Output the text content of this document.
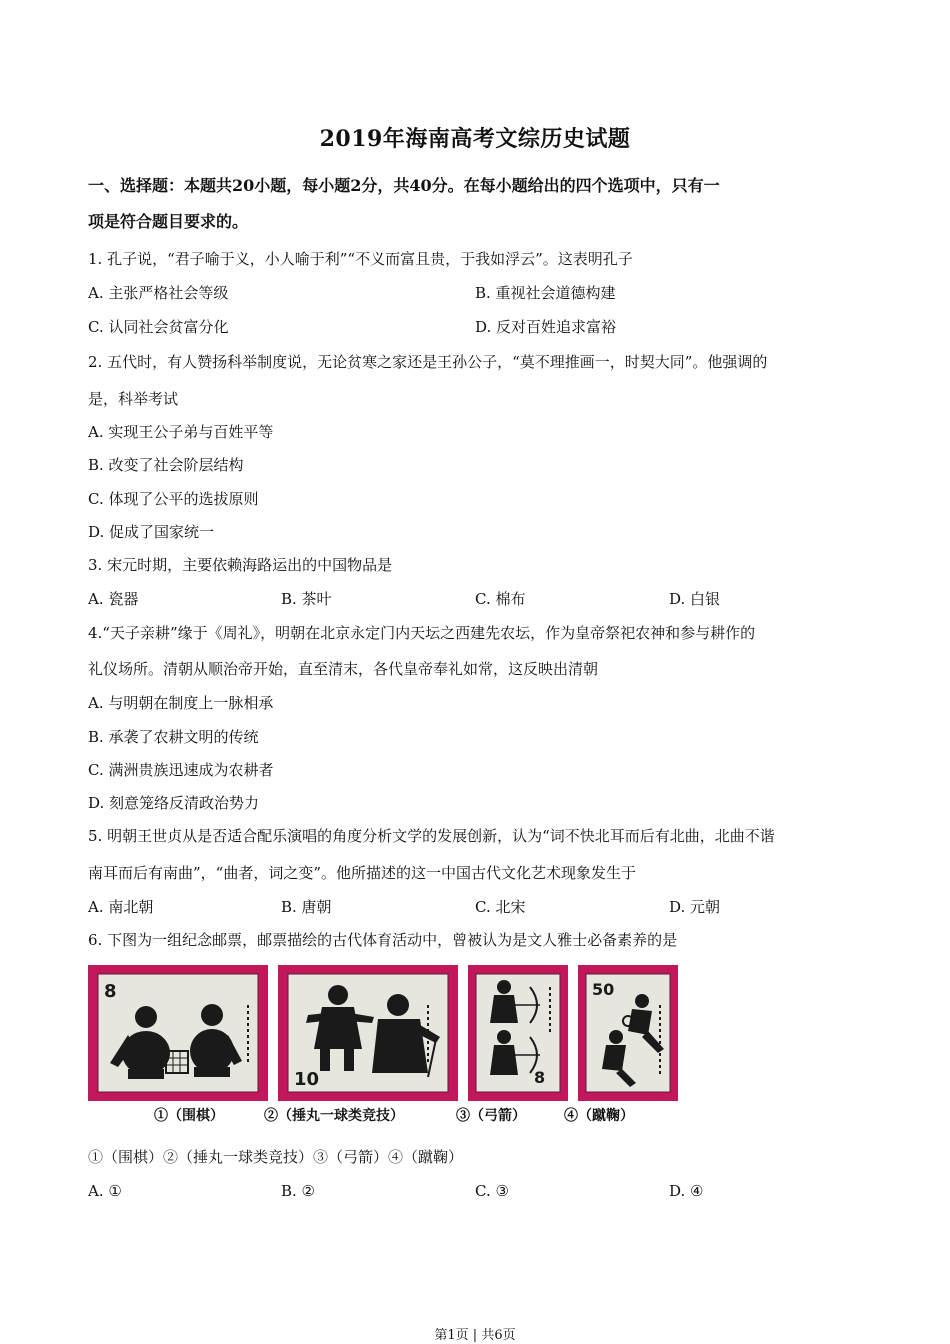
2019年海南高考文综历史试题
一、选择题：本题共20小题，每小题2分，共40分。在每小题给出的四个选项中，只有一
项是符合题目要求的。
1. 孔子说，“君子喻于义，小人喻于利”“不义而富且贵，于我如浮云”。这表明孔子
A. 主张严格社会等级	B. 重视社会道德构建
C. 认同社会贫富分化	D. 反对百姓追求富裕
2. 五代时，有人赞扬科举制度说，无论贫寒之家还是王孙公子，“莫不理推画一，时契大同”。他强调的
是，科举考试
A. 实现王公子弟与百姓平等
B. 改变了社会阶层结构
C. 体现了公平的选拔原则
D. 促成了国家统一
3. 宋元时期，主要依赖海路运出的中国物品是
A. 瓷器	B. 茶叶	C. 棉布	D. 白银
4.“天子亲耕”缘于《周礼》，明朝在北京永定门内天坛之西建先农坛，作为皇帝祭祀农神和参与耕作的
礼仪场所。清朝从顺治帝开始，直至清末，各代皇帝奉礼如常，这反映出清朝
A. 与明朝在制度上一脉相承
B. 承袭了农耕文明的传统
C. 满洲贵族迅速成为农耕者
D. 刻意笼络反清政治势力
5. 明朝王世贞从是否适合配乐演唱的角度分析文学的发展创新，认为“词不快北耳而后有北曲，北曲不谐
南耳而后有南曲”，“曲者，词之变”。他所描述的这一中国古代文化艺术现象发生于
A. 南北朝	B. 唐朝	C. 北宋	D. 元朝
6. 下图为一组纪念邮票，邮票描绘的古代体育活动中，曾被认为是文人雅士必备素养的是
8
10	8
50
①（围棋）	②（捶丸一球类竞技）	③（弓箭）	④（蹴鞠）
①（围棋）②（捶丸一球类竞技）③（弓箭）④（蹴鞠）
A. ①	B. ②	C. ③	D. ④
第1页 | 共6页
